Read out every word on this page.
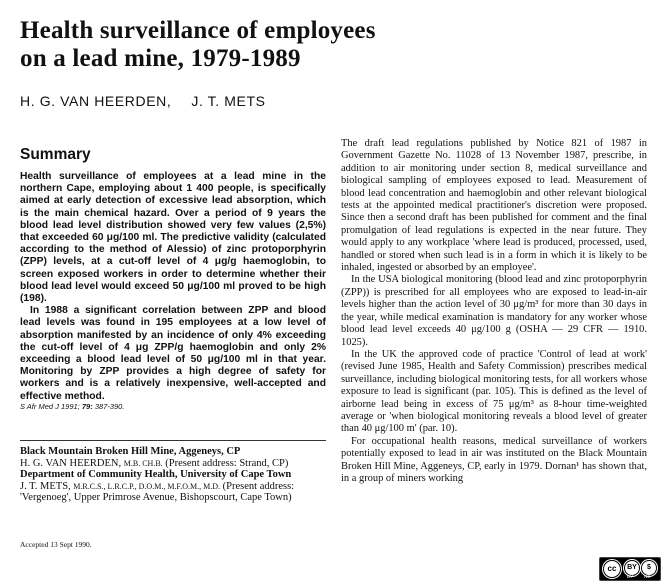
Health surveillance of employees
on a lead mine, 1979-1989
H. G. VAN HEERDEN, J. T. METS
Summary

Health surveillance of employees at a lead mine in the northern Cape, employing about 1 400 people, is specifically aimed at early detection of excessive lead absorption, which is the main chemical hazard. Over a period of 9 years the blood lead level distribution showed very few values (2,5%) that exceeded 60 μg/100 ml. The predictive validity (calculated according to the method of Alessio) of zinc protoporphyrin (ZPP) levels, at a cut-off level of 4 μg/g haemoglobin, to screen exposed workers in order to determine whether their blood lead level would exceed 50 μg/100 ml proved to be high (198).

In 1988 a significant correlation between ZPP and blood lead levels was found in 195 employees at a low level of absorption manifested by an incidence of only 4% exceeding the cut-off level of 4 μg ZPP/g haemoglobin and only 2% exceeding a blood lead level of 50 μg/100 ml in that year. Monitoring by ZPP provides a high degree of safety for workers and is a relatively inexpensive, well-accepted and effective method.

S Afr Med J 1991; 79: 387-390.

Black Mountain Broken Hill Mine, Aggeneys, CP

H. G. VAN HEERDEN, M.B. CH.B. (Present address: Strand, CP)

Department of Community Health, University of Cape Town

J. T. METS, M.R.C.S., L.R.C.P., D.O.M., M.F.O.M., M.D. (Present address: 'Vergenoeg', Upper Primrose Avenue, Bishopscourt, Cape Town)

Accepted 13 Sept 1990.

The draft lead regulations published by Notice 821 of 1987 in Government Gazette No. 11028 of 13 November 1987, prescribe, in addition to air monitoring under section 8, medical surveillance and biological sampling of employees exposed to lead. Measurement of blood lead concentration and haemoglobin and other relevant biological tests at the appointed medical practitioner's discretion were proposed. Since then a second draft has been published for comment and the final promulgation of lead regulations is expected in the near future. They would apply to any workplace 'where lead is produced, processed, used, handled or stored when such lead is in a form in which it is likely to be inhaled, ingested or absorbed by an employee'.

In the USA biological monitoring (blood lead and zinc protoporphyrin (ZPP)) is prescribed for all employees who are exposed to lead-in-air levels higher than the action level of 30 μg/m³ for more than 30 days in the year, while medical examination is mandatory for any worker whose blood lead level exceeds 40 μg/100 g (OSHA — 29 CFR — 1910. 1025).

In the UK the approved code of practice 'Control of lead at work' (revised June 1985, Health and Safety Commission) prescribes medical surveillance, including biological monitoring tests, for all workers whose exposure to lead is significant (par. 105). This is defined as the level of airborne lead being in excess of 75 μg/m³ as 8-hour time-weighted average or 'when biological monitoring reveals a blood level of greater than 40 μg/100 m' (par. 10).

For occupational health reasons, medical surveillance of workers potentially exposed to lead in air was instituted on the Black Mountain Broken Hill Mine, Aggeneys, CP, early in 1979. Dornan¹ has shown that, in a group of miners working

cc	BY	$
BY NC
